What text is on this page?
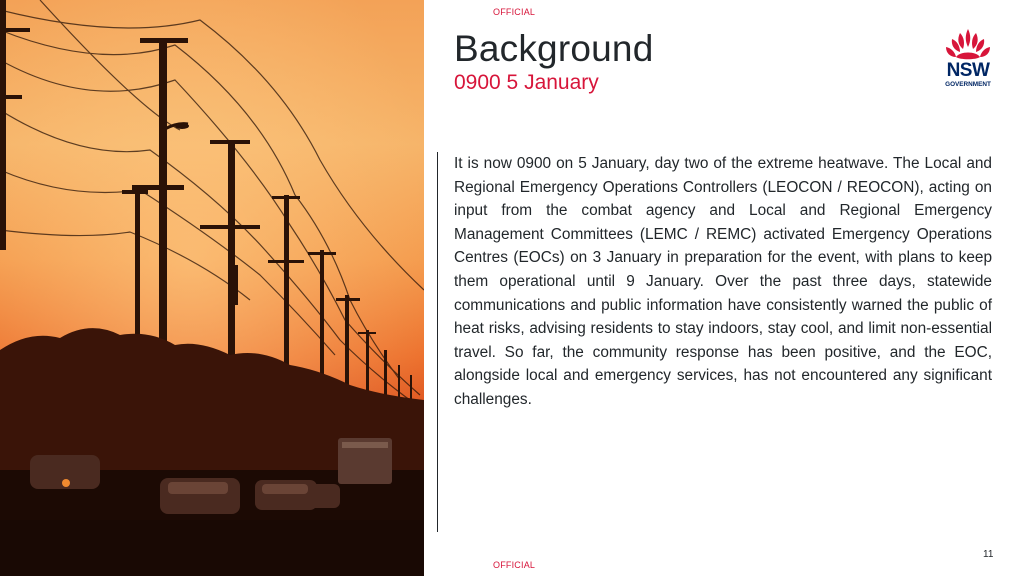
OFFICIAL
Background
0900 5 January
NSW
GOVERNMENT

It is now 0900 on 5 January, day two of the extreme heatwave. The Local and Regional Emergency Operations Controllers (LEOCON / REOCON), acting on input from the combat agency and Local and Regional Emergency Management Committees (LEMC / REMC) activated Emergency Operations Centres (EOCs) on 3 January in preparation for the event, with plans to keep them operational until 9 January. Over the past three days, statewide communications and public information have consistently warned the public of heat risks, advising residents to stay indoors, stay cool, and limit non-essential travel. So far, the community response has been positive, and the EOC, alongside local and emergency services, has not encountered any significant challenges.

11
OFFICIAL
